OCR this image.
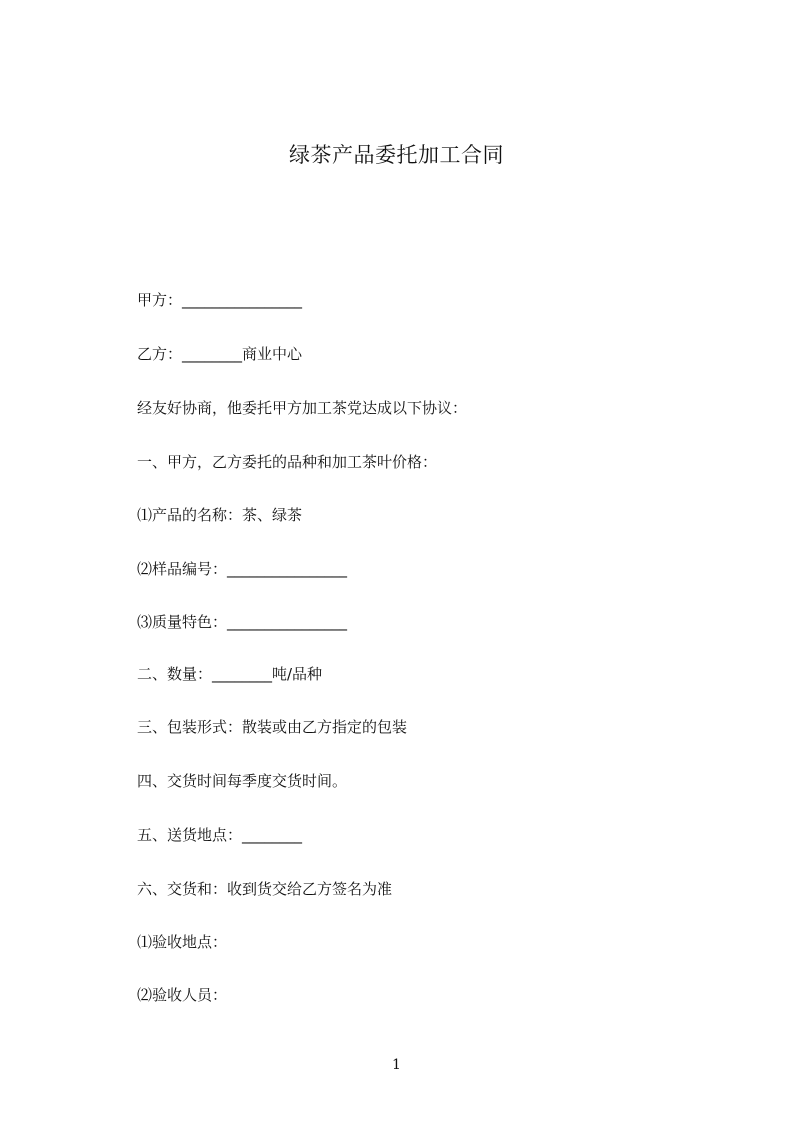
绿茶产品委托加工合同
甲方：________________
乙方：________商业中心
经友好协商，他委托甲方加工茶党达成以下协议：
一、甲方，乙方委托的品种和加工茶叶价格：
⑴产品的名称：茶、绿茶
⑵样品编号：________________
⑶质量特色：________________
二、数量：________吨/品种
三、包装形式：散装或由乙方指定的包装
四、交货时间每季度交货时间。
五、送货地点：________
六、交货和：收到货交给乙方签名为准
⑴验收地点：
⑵验收人员：
1
